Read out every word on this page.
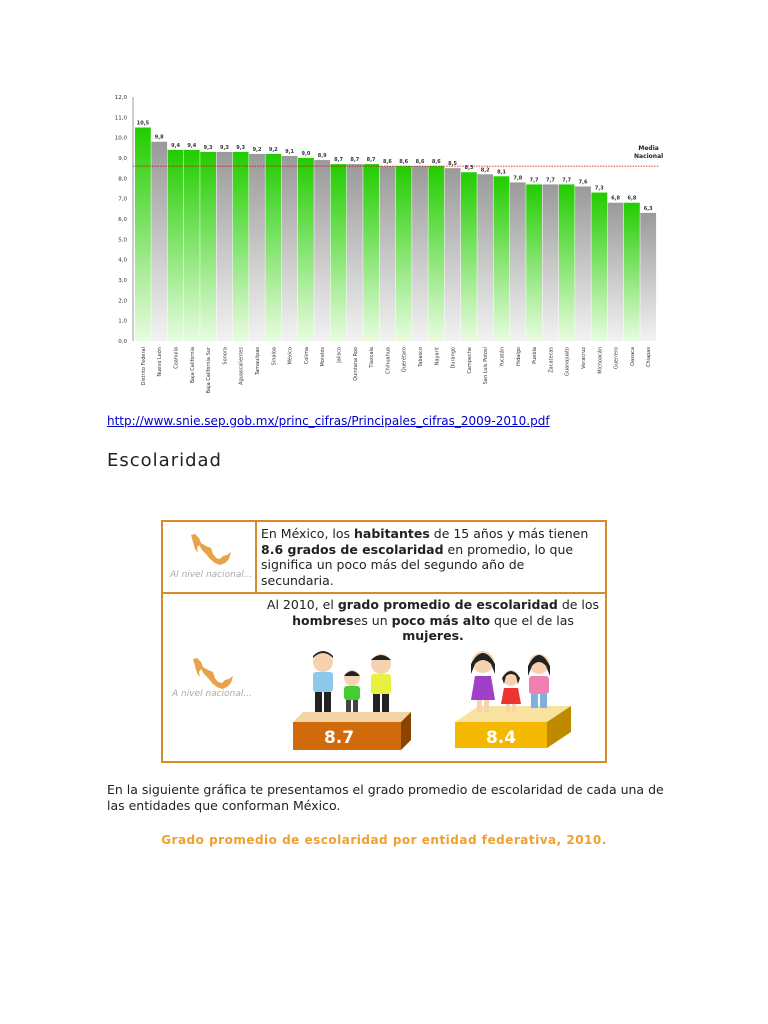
0,0
1,0
2,0
3,0
4,0
5,0
6,0
7,0
8,0
9,0
10,0
11,0
12,0
10,5
Distrito Federal
9,8
Nuevo León
9,4
Coahuila
9,4
Baja California
9,3
Baja California Sur
9,3
Sonora
9,3
Aguascalientes
9,2
Tamaulipas
9,2
Sinaloa
9,1
México
9,0
Colima
8,9
Morelos
8,7
Jalisco
8,7
Quintana Roo
8,7
Tlaxcala
8,6
Chihuahua
8,6
Querétaro
8,6
Tabasco
8,6
Nayarit
8,5
Durango
8,3
Campeche
8,2
San Luis Potosí
8,1
Yucatán
7,8
Hidalgo
7,7
Puebla
7,7
Zacatecas
7,7
Guanajuato
7,6
Veracruz
7,3
Michoacán
6,8
Guerrero
6,8
Oaxaca
6,3
Chiapas
Media
Nacional
http://www.snie.sep.gob.mx/princ_cifras/Principales_cifras_2009-2010.pdf
Escolaridad
Al nivel nacional...
En México, los habitantes de 15 años y más tienen 8.6 grados de escolaridad en promedio, lo que significa un poco más del segundo año de secundaria.
A nivel nacional...
Al 2010, el grado promedio de escolaridad de los hombreses un poco más alto que el de las mujeres.
8.7	8.4
En la siguiente gráfica te presentamos el grado promedio de escolaridad de cada una de las entidades que conforman México.
Grado promedio de escolaridad por entidad federativa, 2010.
